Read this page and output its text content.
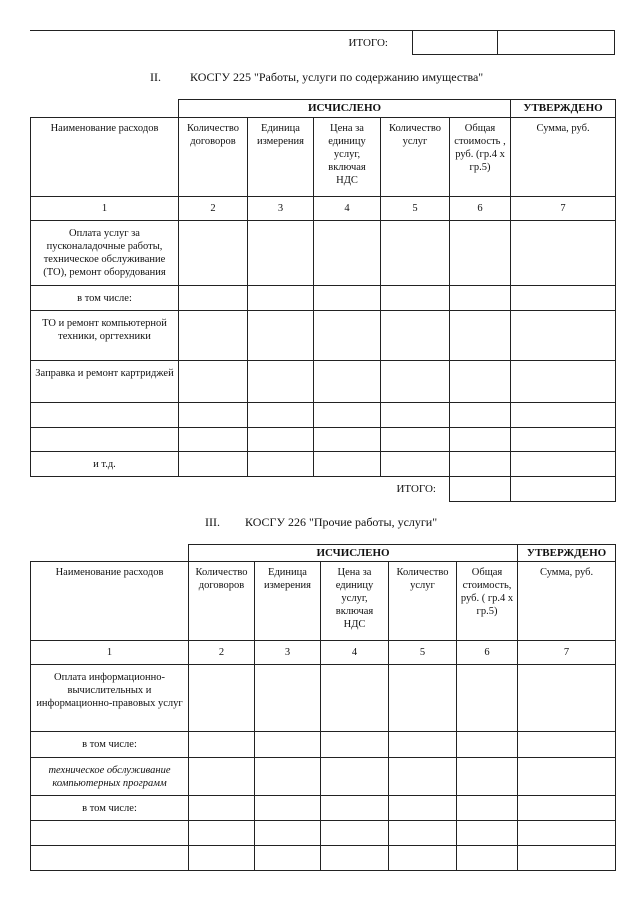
ИТОГО:
II. КОСГУ 225 "Работы, услуги по содержанию имущества"
	ИСЧИСЛЕНО					УТВЕРЖДЕНО
Наименование расходов	Количество договоров	Единица измерения	Цена за единицу услуг, включая НДС	Количество услуг	Общая стоимость , руб. (гр.4 х гр.5)	Сумма, руб.
1	2	3	4	5	6	7
Оплата услуг за пусконаладочные работы, техническое обслуживание (ТО), ремонт оборудования						
в том числе:						
ТО и ремонт компьютерной техники, оргтехники						
Заправка и ремонт картриджей						

и т.д.						
ИТОГО:						
III. КОСГУ 226 "Прочие работы, услуги"
	ИСЧИСЛЕНО					УТВЕРЖДЕНО
Наименование расходов	Количество договоров	Единица измерения	Цена за единицу услуг, включая НДС	Количество услуг	Общая стоимость, руб. ( гр.4 х гр.5)	Сумма, руб.
1	2	3	4	5	6	7
Оплата информационно-вычислительных и информационно-правовых услуг						
в том числе:						
техническое обслуживание компьютерных программ						
в том числе:						
